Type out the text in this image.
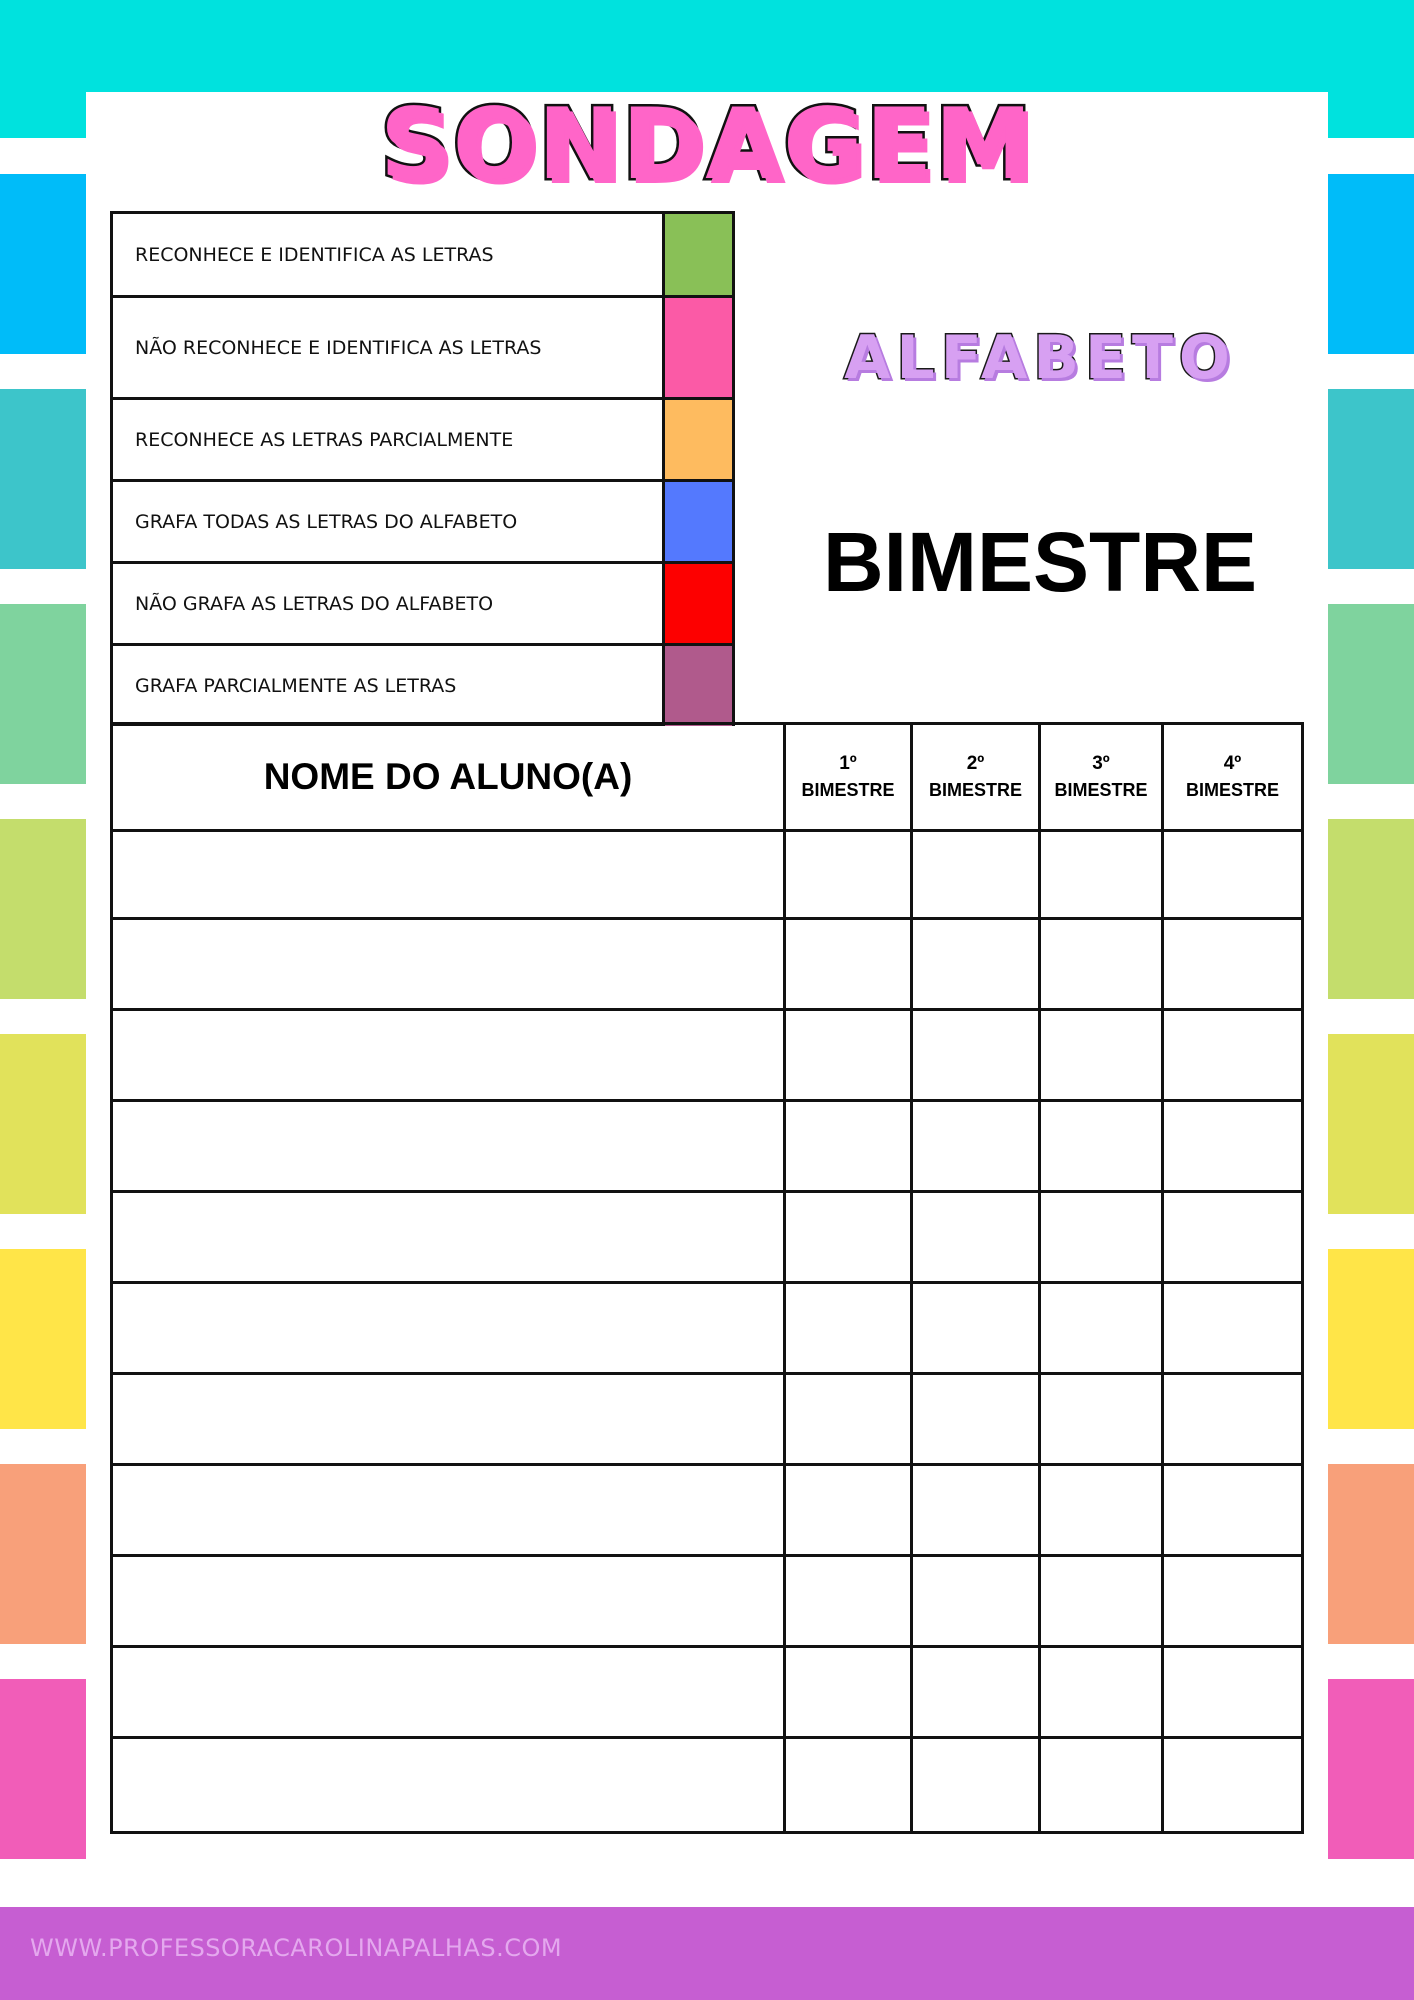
SONDAGEM
RECONHECE E IDENTIFICA AS LETRAS
NÃO RECONHECE E IDENTIFICA AS LETRAS
RECONHECE AS LETRAS PARCIALMENTE
GRAFA TODAS AS LETRAS DO ALFABETO
NÃO GRAFA AS LETRAS DO ALFABETO
GRAFA PARCIALMENTE AS LETRAS
ALFABETO
BIMESTRE
NOME DO ALUNO(A)	1º
BIMESTRE
2º
BIMESTRE
3º
BIMESTRE
4º
BIMESTRE
WWW.PROFESSORACAROLINAPALHAS.COM
